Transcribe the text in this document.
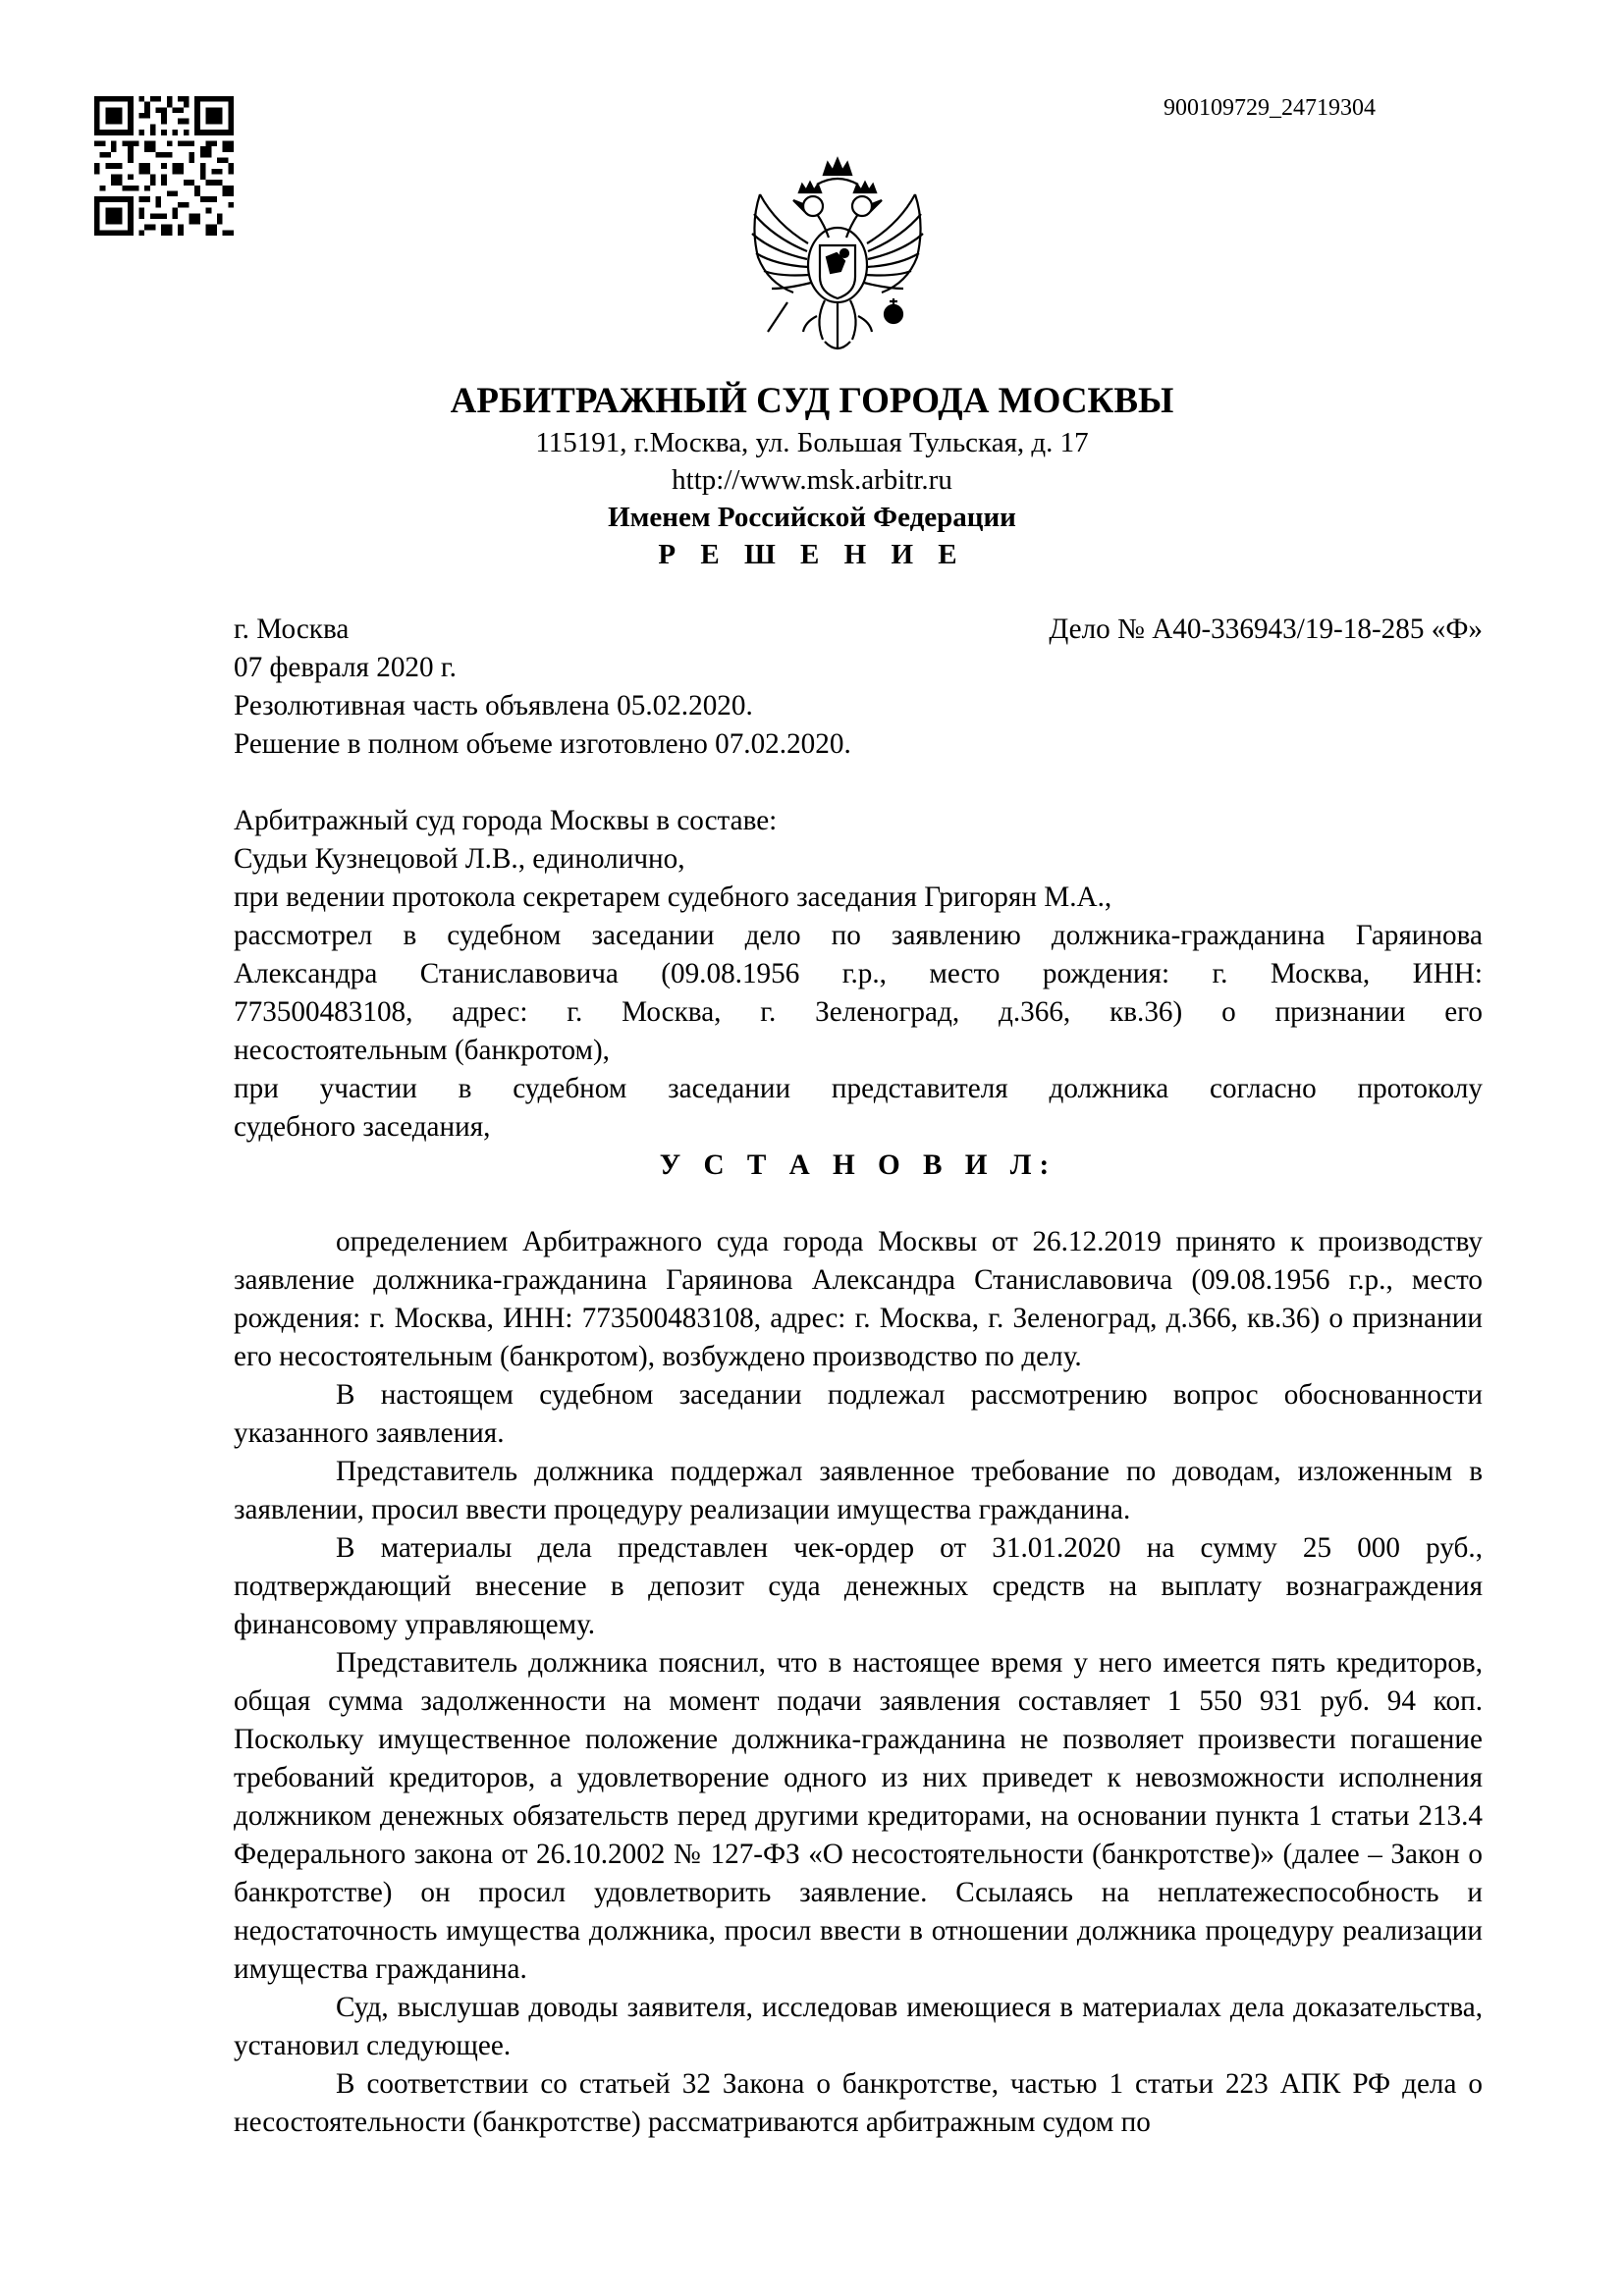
900109729_24719304
АРБИТРАЖНЫЙ СУД ГОРОДА МОСКВЫ
115191, г.Москва, ул. Большая Тульская, д. 17
http://www.msk.arbitr.ru
Именем Российской Федерации
Р Е Ш Е Н И Е
г. Москва	Дело № А40-336943/19-18-285 «Ф»
07 февраля 2020 г.
Резолютивная часть объявлена 05.02.2020.
Решение в полном объеме изготовлено 07.02.2020.
Арбитражный суд города Москвы в составе:
Судьи Кузнецовой Л.В., единолично,
при ведении протокола секретарем судебного заседания Григорян М.А.,
рассмотрел в судебном заседании дело по заявлению должника-гражданина Гаряинова
Александра Станиславовича (09.08.1956 г.р., место рождения: г. Москва, ИНН:
773500483108, адрес: г. Москва, г. Зеленоград, д.366, кв.36) о признании его
несостоятельным (банкротом),
при участии в судебном заседании представителя должника согласно протоколу
судебного заседания,
У С Т А Н О В И Л:
определением Арбитражного суда города Москвы от 26.12.2019 принято к производству заявление должника-гражданина Гаряинова Александра Станиславовича (09.08.1956 г.р., место рождения: г. Москва, ИНН: 773500483108, адрес: г. Москва, г. Зеленоград, д.366, кв.36) о признании его несостоятельным (банкротом), возбуждено производство по делу.
В настоящем судебном заседании подлежал рассмотрению вопрос обоснованности указанного заявления.
Представитель должника поддержал заявленное требование по доводам, изложенным в заявлении, просил ввести процедуру реализации имущества гражданина.
В материалы дела представлен чек-ордер от 31.01.2020 на сумму 25 000 руб., подтверждающий внесение в депозит суда денежных средств на выплату вознаграждения финансовому управляющему.
Представитель должника пояснил, что в настоящее время у него имеется пять кредиторов, общая сумма задолженности на момент подачи заявления составляет 1 550 931 руб. 94 коп. Поскольку имущественное положение должника-гражданина не позволяет произвести погашение требований кредиторов, а удовлетворение одного из них приведет к невозможности исполнения должником денежных обязательств перед другими кредиторами, на основании пункта 1 статьи 213.4 Федерального закона от 26.10.2002 № 127-ФЗ «О несостоятельности (банкротстве)» (далее – Закон о банкротстве) он просил удовлетворить заявление. Ссылаясь на неплатежеспособность и недостаточность имущества должника, просил ввести в отношении должника процедуру реализации имущества гражданина.
Суд, выслушав доводы заявителя, исследовав имеющиеся в материалах дела доказательства, установил следующее.
В соответствии со статьей 32 Закона о банкротстве, частью 1 статьи 223 АПК РФ дела о несостоятельности (банкротстве) рассматриваются арбитражным судом по
